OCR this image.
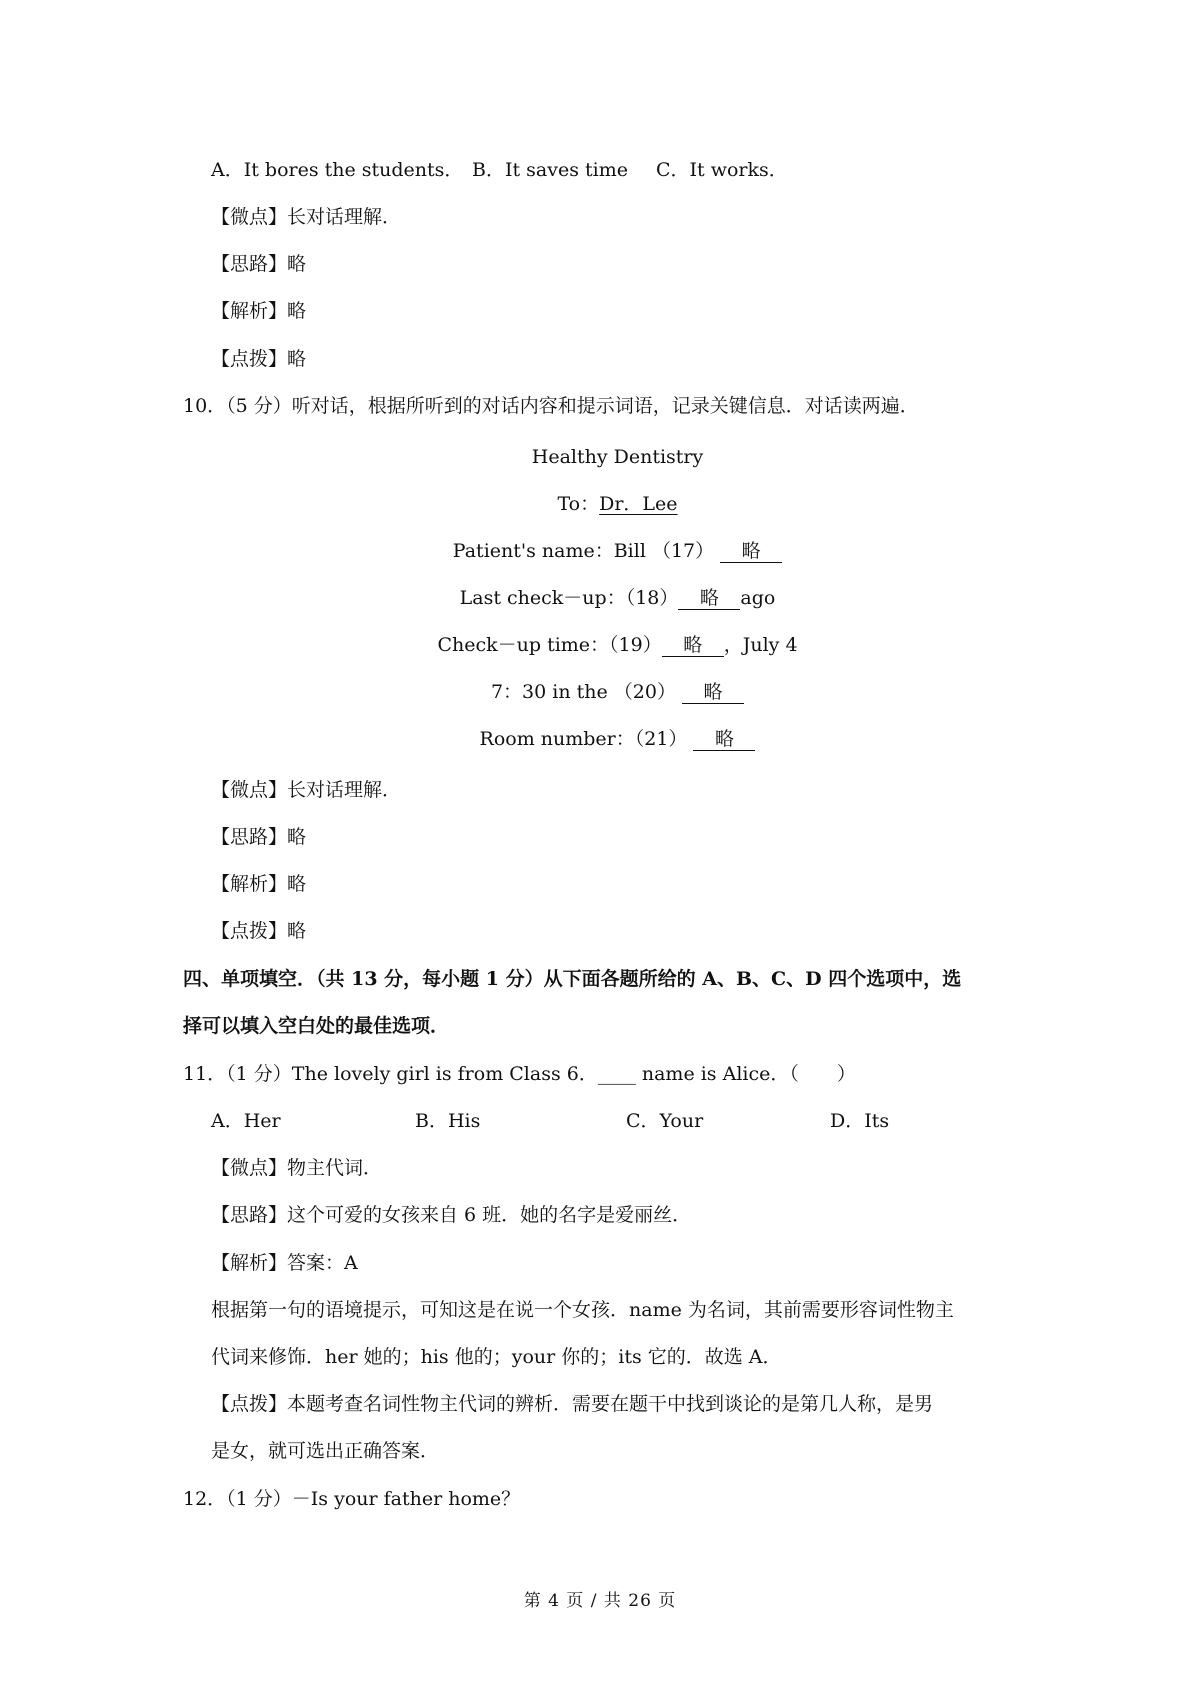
A．It bores the students． B．It saves time C．It works．
【微点】长对话理解．
【思路】略
【解析】略
【点拨】略
10．（5 分）听对话，根据所听到的对话内容和提示词语，记录关键信息．对话读两遍．
Healthy Dentistry
To：Dr．Lee
Patient's name：Bill （17） 略
Last check－up：（18） 略 ago
Check－up time：（19） 略 ，July 4
7：30 in the （20） 略
Room number：（21） 略
【微点】长对话理解．
【思路】略
【解析】略
【点拨】略
四、单项填空．（共 13 分，每小题 1 分）从下面各题所给的 A、B、C、D 四个选项中，选
择可以填入空白处的最佳选项．
11．（1 分）The lovely girl is from Class 6．____ name is Alice．（　　）
A．Her	B．His	C．Your	D．Its
【微点】物主代词．
【思路】这个可爱的女孩来自 6 班．她的名字是爱丽丝．
【解析】答案：A
根据第一句的语境提示，可知这是在说一个女孩．name 为名词，其前需要形容词性物主
代词来修饰．her 她的；his 他的；your 你的；its 它的．故选 A．
【点拨】本题考查名词性物主代词的辨析．需要在题干中找到谈论的是第几人称，是男
是女，就可选出正确答案．
12．（1 分）－Is your father home？
第 4 页 / 共 26 页
